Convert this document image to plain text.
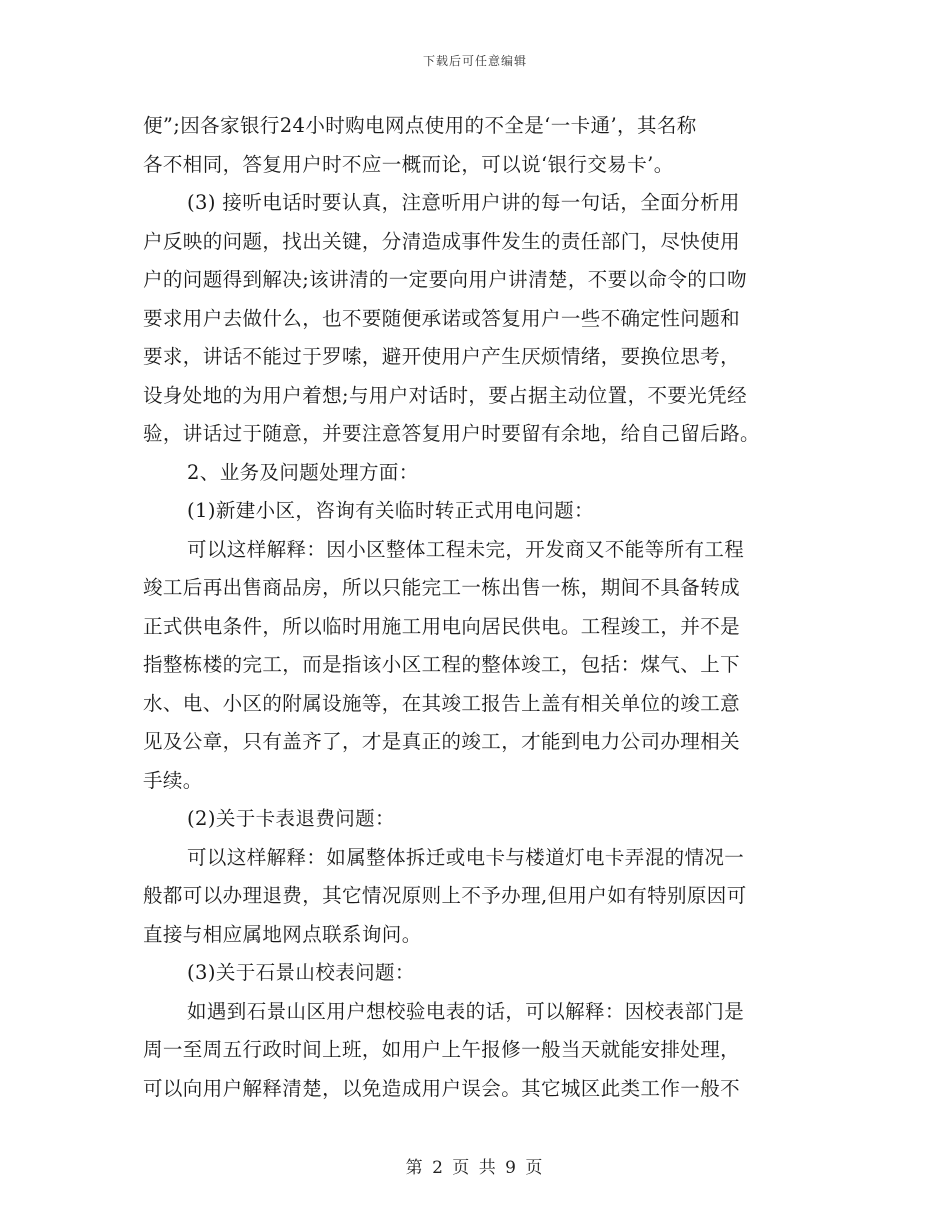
下载后可任意编辑
便”;因各家银行24小时购电网点使用的不全是‘一卡通’，其名称
各不相同，答复用户时不应一概而论，可以说‘银行交易卡’。
(3) 接听电话时要认真，注意听用户讲的每一句话，全面分析用
户反映的问题，找出关键，分清造成事件发生的责任部门，尽快使用
户的问题得到解决;该讲清的一定要向用户讲清楚，不要以命令的口吻
要求用户去做什么，也不要随便承诺或答复用户一些不确定性问题和
要求，讲话不能过于罗嗦，避开使用户产生厌烦情绪，要换位思考，
设身处地的为用户着想;与用户对话时，要占据主动位置，不要光凭经
验，讲话过于随意，并要注意答复用户时要留有余地，给自己留后路。
2、业务及问题处理方面：
(1)新建小区，咨询有关临时转正式用电问题：
可以这样解释：因小区整体工程未完，开发商又不能等所有工程
竣工后再出售商品房，所以只能完工一栋出售一栋，期间不具备转成
正式供电条件，所以临时用施工用电向居民供电。工程竣工，并不是
指整栋楼的完工，而是指该小区工程的整体竣工，包括：煤气、上下
水、电、小区的附属设施等，在其竣工报告上盖有相关单位的竣工意
见及公章，只有盖齐了，才是真正的竣工，才能到电力公司办理相关
手续。
(2)关于卡表退费问题：
可以这样解释：如属整体拆迁或电卡与楼道灯电卡弄混的情况一
般都可以办理退费，其它情况原则上不予办理,但用户如有特别原因可
直接与相应属地网点联系询问。
(3)关于石景山校表问题：
如遇到石景山区用户想校验电表的话，可以解释：因校表部门是
周一至周五行政时间上班，如用户上午报修一般当天就能安排处理，
可以向用户解释清楚，以免造成用户误会。其它城区此类工作一般不
第 2 页 共 9 页
